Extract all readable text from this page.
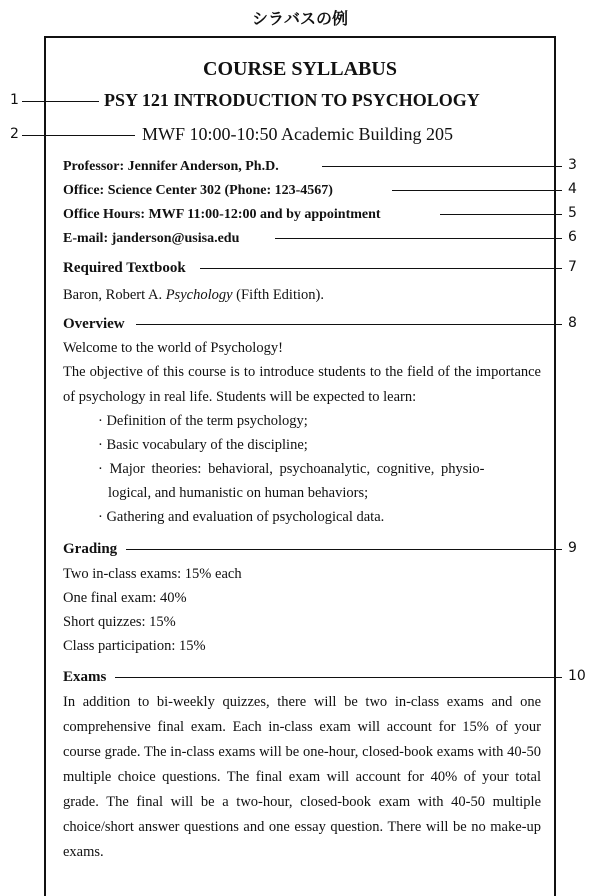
シラバスの例
COURSE SYLLABUS
PSY 121 INTRODUCTION TO PSYCHOLOGY
MWF 10:00-10:50 Academic Building 205
Professor: Jennifer Anderson, Ph.D.
Office: Science Center 302 (Phone: 123-4567)
Office Hours: MWF 11:00-12:00 and by appointment
E-mail: janderson@usisa.edu
Required Textbook
Baron, Robert A. Psychology (Fifth Edition).
Overview
Welcome to the world of Psychology!
The objective of this course is to introduce students to the field of the importance of psychology in real life. Students will be expected to learn:
· Definition of the term psychology;
· Basic vocabulary of the discipline;
· Major theories: behavioral, psychoanalytic, cognitive, physio-
logical, and humanistic on human behaviors;
· Gathering and evaluation of psychological data.
Grading
Two in-class exams: 15% each
One final exam: 40%
Short quizzes: 15%
Class participation: 15%
Exams
In addition to bi-weekly quizzes, there will be two in-class exams and one comprehensive final exam. Each in-class exam will account for 15% of your course grade. The in-class exams will be one-hour, closed-book exams with 40-50 multiple choice questions. The final exam will account for 40% of your total grade. The final will be a two-hour, closed-book exam with 40-50 multiple choice/short answer questions and one essay question. There will be no make-up exams.
1
2
3
4
5
6
7
8
9
10
